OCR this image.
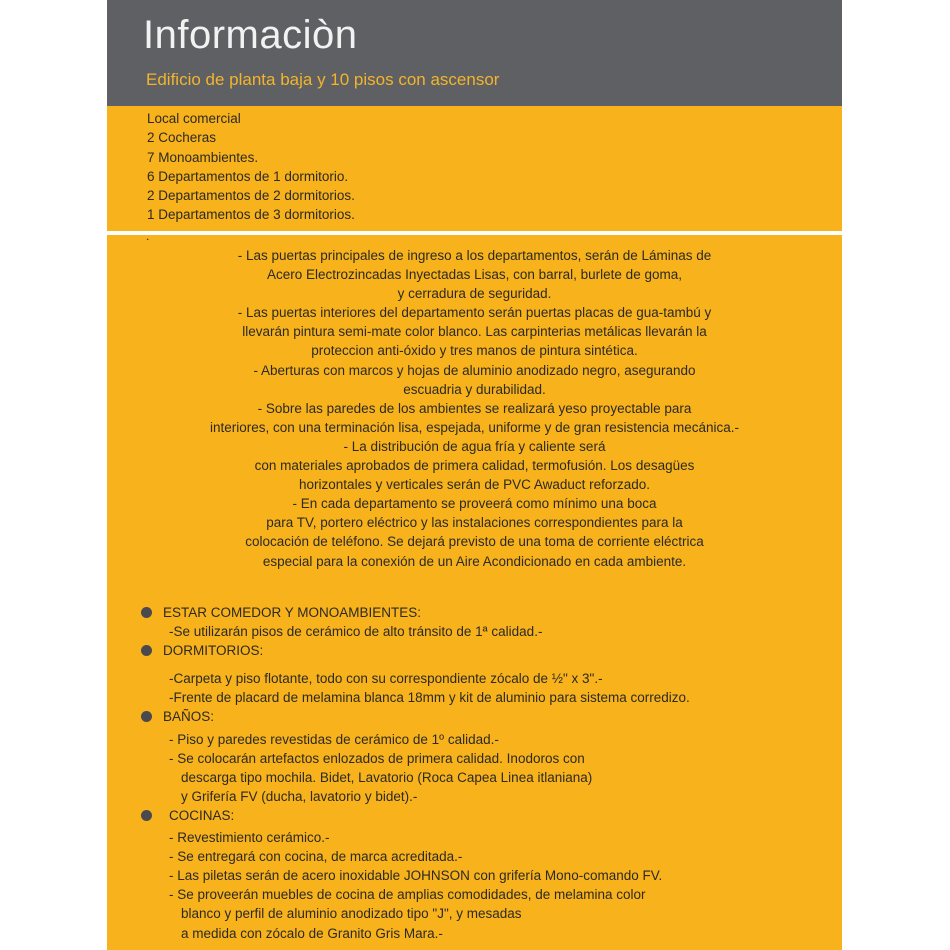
Informaciòn
Edificio de planta baja y 10 pisos con ascensor
Local comercial
2 Cocheras
7 Monoambientes.
6 Departamentos de 1 dormitorio.
2 Departamentos de 2 dormitorios.
1 Departamentos de 3 dormitorios.
.
- Las puertas principales de ingreso a los departamentos, serán de Láminas de
Acero Electrozincadas Inyectadas Lisas, con barral, burlete de goma,
y cerradura de seguridad.
- Las puertas interiores del departamento serán puertas placas de gua-tambú y
llevarán pintura semi-mate color blanco. Las carpinterias metálicas llevarán la
proteccion anti-óxido y tres manos de pintura sintética.
- Aberturas con marcos y hojas de aluminio anodizado negro, asegurando
escuadria y durabilidad.
- Sobre las paredes de los ambientes se realizará yeso proyectable para
interiores, con una terminación lisa, espejada, uniforme y de gran resistencia mecánica.-
- La distribución de agua fría y caliente será
con materiales aprobados de primera calidad, termofusión. Los desagües
horizontales y verticales serán de PVC Awaduct reforzado.
- En cada departamento se proveerá como mínimo una boca
para TV, portero eléctrico y las instalaciones correspondientes para la
colocación de teléfono. Se dejará previsto de una toma de corriente eléctrica
especial para la conexión de un Aire Acondicionado en cada ambiente.
ESTAR COMEDOR Y MONOAMBIENTES:
-Se utilizarán pisos de cerámico de alto tránsito de 1ª calidad.-
DORMITORIOS:
-Carpeta y piso flotante, todo con su correspondiente zócalo de ½" x 3".-
-Frente de placard de melamina blanca 18mm y kit de aluminio para sistema corredizo.
BAÑOS:
- Piso y paredes revestidas de cerámico de 1º calidad.-
- Se colocarán artefactos enlozados de primera calidad. Inodoros con
descarga tipo mochila. Bidet, Lavatorio (Roca Capea Linea itlaniana)
y Grifería FV (ducha, lavatorio y bidet).-
COCINAS:
- Revestimiento cerámico.-
- Se entregará con cocina, de marca acreditada.-
- Las piletas serán de acero inoxidable JOHNSON con grifería Mono-comando FV.
- Se proveerán muebles de cocina de amplias comodidades, de melamina color
blanco y perfil de aluminio anodizado tipo "J", y mesadas
a medida con zócalo de Granito Gris Mara.-
